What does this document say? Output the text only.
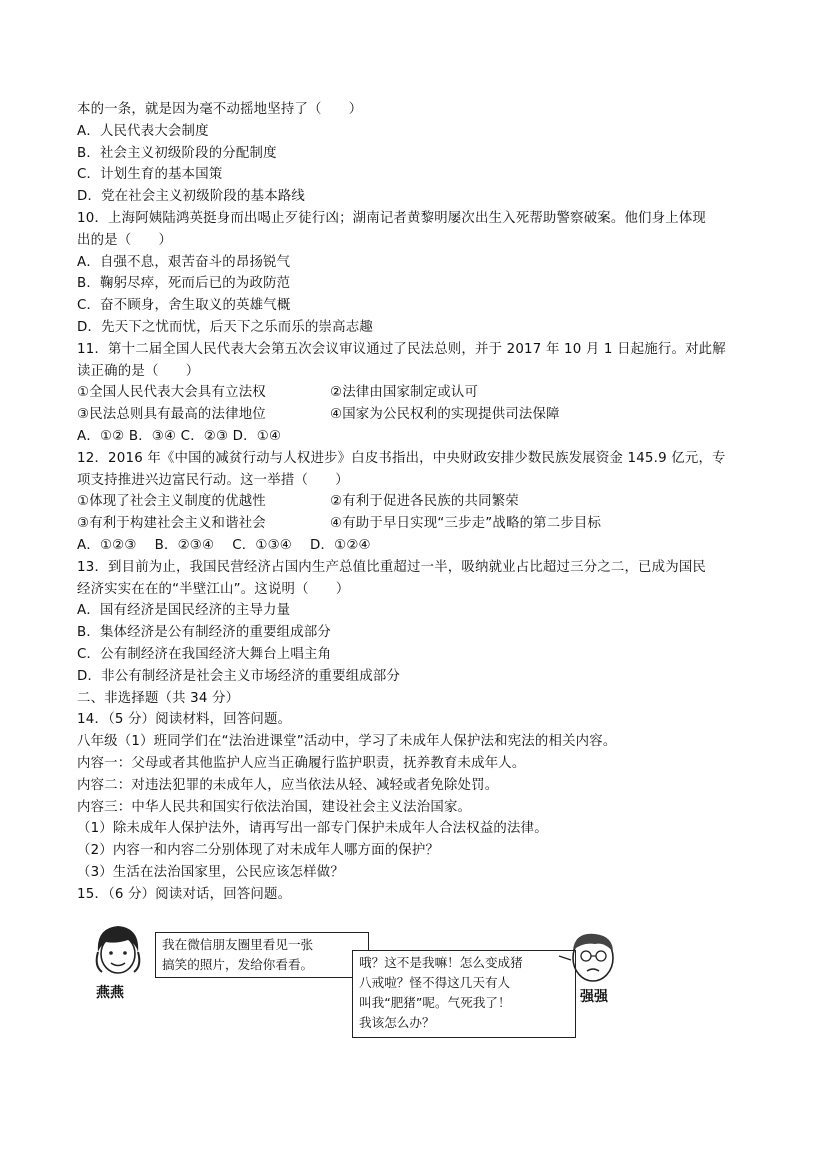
本的一条，就是因为毫不动摇地坚持了（　　）
A．人民代表大会制度
B．社会主义初级阶段的分配制度
C．计划生育的基本国策
D．党在社会主义初级阶段的基本路线
10．上海阿姨陆鸿英挺身而出喝止歹徒行凶；湖南记者黄黎明屡次出生入死帮助警察破案。他们身上体现
出的是（　　）
A．自强不息，艰苦奋斗的昂扬锐气
B．鞠躬尽瘁，死而后已的为政防范
C．奋不顾身，舍生取义的英雄气概
D．先天下之忧而忧，后天下之乐而乐的崇高志趣
11．第十二届全国人民代表大会第五次会议审议通过了民法总则，并于 2017 年 10 月 1 日起施行。对此解
读正确的是（　　）
①全国人民代表大会具有立法权	②法律由国家制定或认可
③民法总则具有最高的法律地位	④国家为公民权利的实现提供司法保障
A．①② B．③④ C．②③ D．①④
12．2016 年《中国的减贫行动与人权进步》白皮书指出，中央财政安排少数民族发展资金 145.9 亿元，专
项支持推进兴边富民行动。这一举措（　　）
①体现了社会主义制度的优越性	②有利于促进各民族的共同繁荣
③有利于构建社会主义和谐社会	④有助于早日实现“三步走”战略的第二步目标
A．①②③　 B．②③④　 C．①③④　 D．①②④
13．到目前为止，我国民营经济占国内生产总值比重超过一半，吸纳就业占比超过三分之二，已成为国民
经济实实在在的“半壁江山”。这说明（　　）
A．国有经济是国民经济的主导力量
B．集体经济是公有制经济的重要组成部分
C．公有制经济在我国经济大舞台上唱主角
D．非公有制经济是社会主义市场经济的重要组成部分
二、非选择题（共 34 分）
14．（5 分）阅读材料，回答问题。
八年级（1）班同学们在“法治进课堂”活动中，学习了未成年人保护法和宪法的相关内容。
内容一：父母或者其他监护人应当正确履行监护职责，抚养教育未成年人。
内容二：对违法犯罪的未成年人，应当依法从轻、减轻或者免除处罚。
内容三：中华人民共和国实行依法治国，建设社会主义法治国家。
（1）除未成年人保护法外，请再写出一部专门保护未成年人合法权益的法律。
（2）内容一和内容二分别体现了对未成年人哪方面的保护？
（3）生活在法治国家里，公民应该怎样做？
15．（6 分）阅读对话，回答问题。
燕燕
我在微信朋友圈里看见一张
搞笑的照片，发给你看看。	哦？这不是我嘛！怎么变成猪
八戒啦？怪不得这几天有人
叫我“肥猪”呢。气死我了！
我该怎么办？
强强
